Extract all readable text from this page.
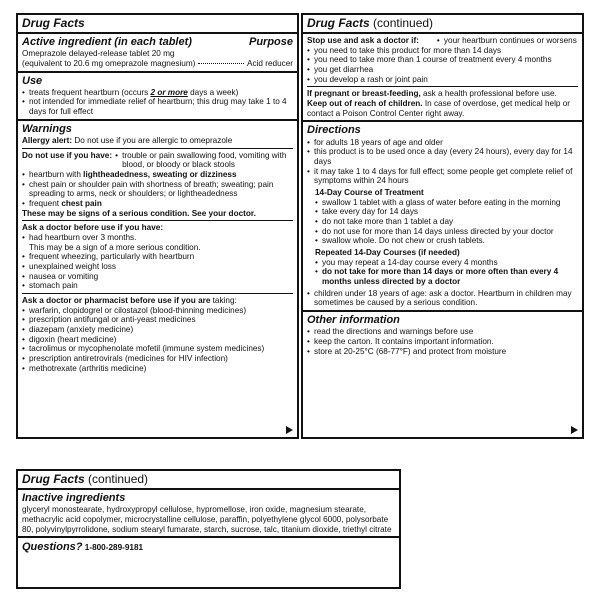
Drug Facts
Active ingredient (in each tablet)	Purpose
Omeprazole delayed-release tablet 20 mg
(equivalent to 20.6 mg omeprazole magnesium)	Acid reducer
Use
• treats frequent heartburn (occurs 2 or more days a week)
• not intended for immediate relief of heartburn; this drug may take 1 to 4 days for full effect
Warnings
Allergy alert: Do not use if you are allergic to omeprazole
Do not use if you have:	• trouble or pain swallowing food, vomiting with blood, or bloody or black stools
• heartburn with lightheadedness, sweating or dizziness
• chest pain or shoulder pain with shortness of breath; sweating; pain spreading to arms, neck or shoulders; or lightheadedness
• frequent chest pain
These may be signs of a serious condition. See your doctor.
Ask a doctor before use if you have:
• had heartburn over 3 months.
This may be a sign of a more serious condition.
• frequent wheezing, particularly with heartburn
• unexplained weight loss
• nausea or vomiting
• stomach pain
Ask a doctor or pharmacist before use if you are taking:
• warfarin, clopidogrel or cilostazol (blood-thinning medicines)
• prescription antifungal or anti-yeast medicines
• diazepam (anxiety medicine)
• digoxin (heart medicine)
• tacrolimus or mycophenolate mofetil (immune system medicines)
• prescription antiretrovirals (medicines for HIV infection)
• methotrexate (arthritis medicine)
Drug Facts (continued)
Stop use and ask a doctor if:	• your heartburn continues or worsens
• you need to take this product for more than 14 days
• you need to take more than 1 course of treatment every 4 months
• you get diarrhea
• you develop a rash or joint pain
If pregnant or breast-feeding, ask a health professional before use.
Keep out of reach of children. In case of overdose, get medical help or contact a Poison Control Center right away.
Directions
• for adults 18 years of age and older
• this product is to be used once a day (every 24 hours), every day for 14 days
• it may take 1 to 4 days for full effect; some people get complete relief of symptoms within 24 hours
14-Day Course of Treatment
• swallow 1 tablet with a glass of water before eating in the morning
• take every day for 14 days
• do not take more than 1 tablet a day
• do not use for more than 14 days unless directed by your doctor
• swallow whole. Do not chew or crush tablets.
Repeated 14-Day Courses (if needed)
• you may repeat a 14-day course every 4 months
• do not take for more than 14 days or more often than every 4 months unless directed by a doctor
• children under 18 years of age: ask a doctor. Heartburn in children may sometimes be caused by a serious condition.
Other information
• read the directions and warnings before use
• keep the carton. It contains important information.
• store at 20-25°C (68-77°F) and protect from moisture
Drug Facts (continued)
Inactive ingredients
glyceryl monostearate, hydroxypropyl cellulose, hypromellose, iron oxide, magnesium stearate, methacrylic acid copolymer, microcrystalline cellulose, paraffin, polyethylene glycol 6000, polysorbate 80, polyvinylpyrrolidone, sodium stearyl fumarate, starch, sucrose, talc, titanium dioxide, triethyl citrate
Questions? 1-800-289-9181
